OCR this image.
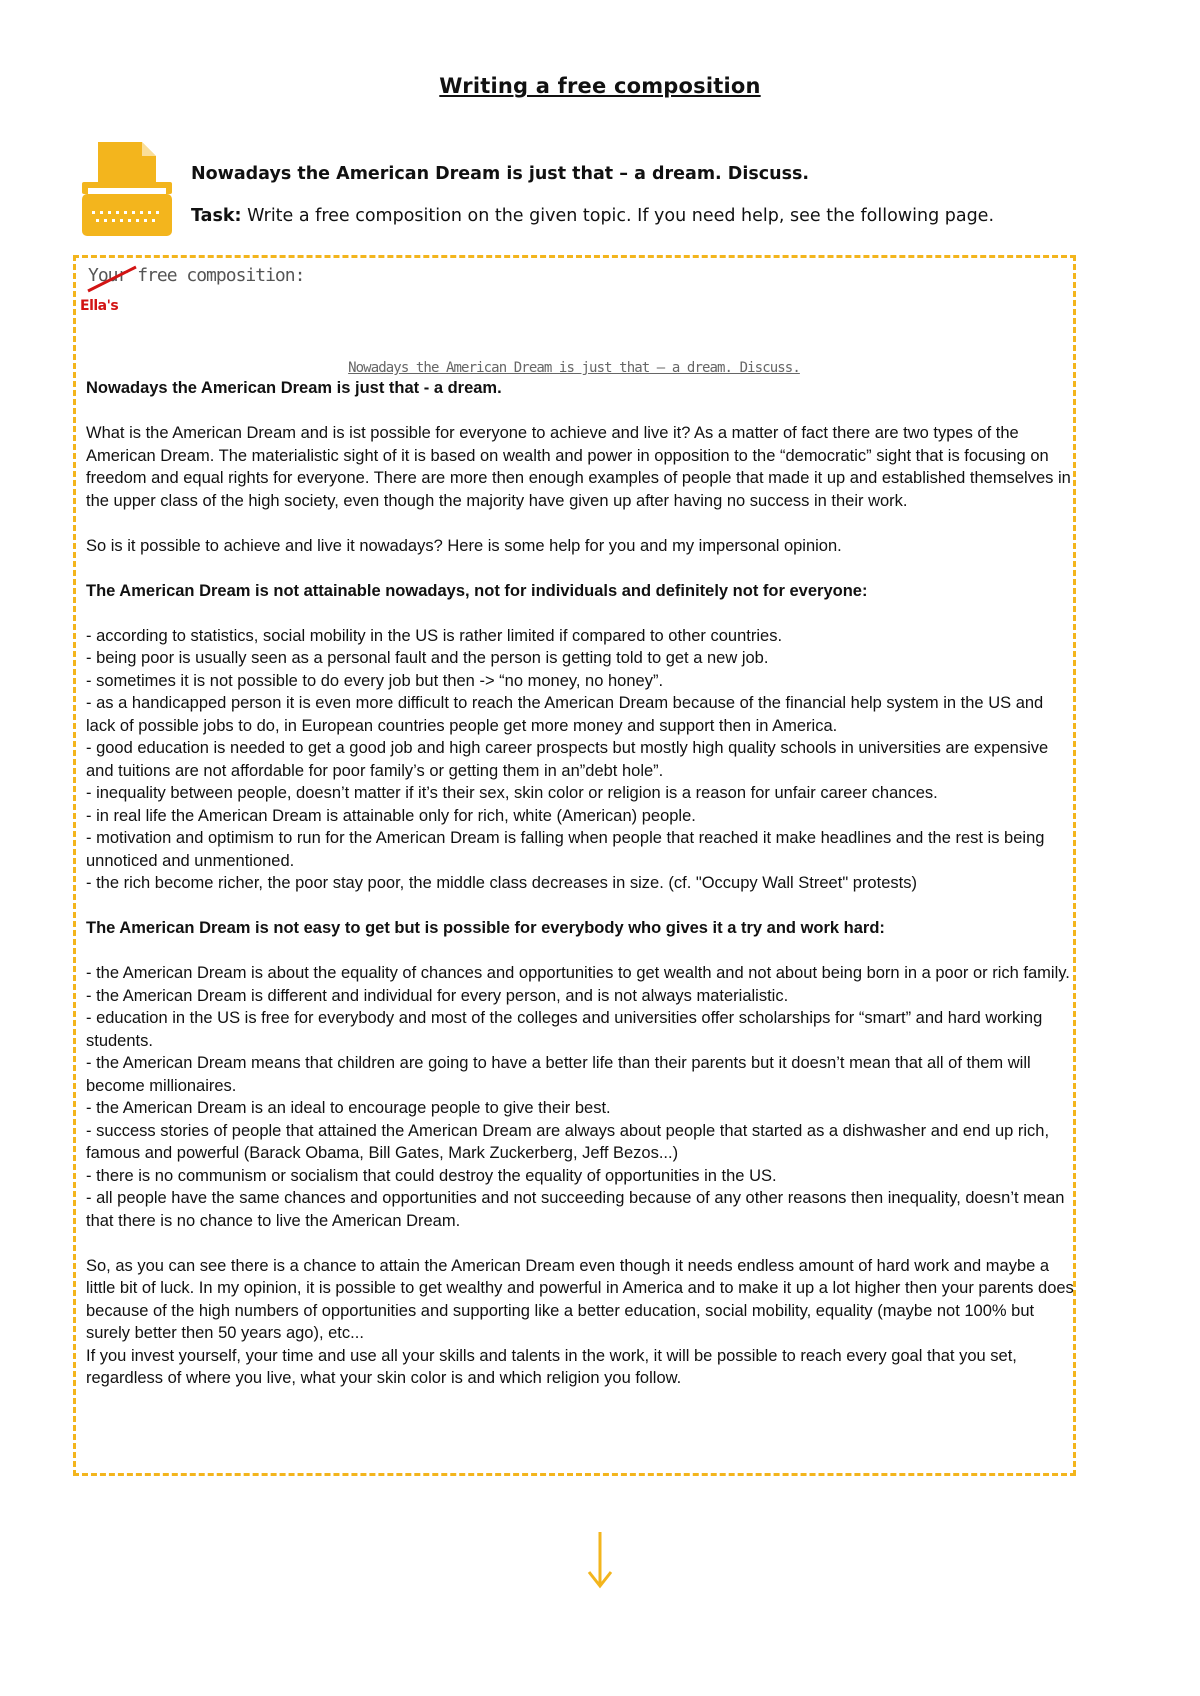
Writing a free composition

Nowadays the American Dream is just that – a dream. Discuss.

Task: Write a free composition on the given topic. If you need help, see the following page.

Your
free composition:
Ella's

Nowadays the American Dream is just that – a dream. Discuss.

Nowadays the American Dream is just that - a dream.

What is the American Dream and is ist possible for everyone to achieve and live it? As a matter of fact there are two types of the American Dream. The materialistic sight of it is based on wealth and power in opposition to the “democratic” sight that is focusing on freedom and equal rights for everyone. There are more then enough examples of people that made it up and established themselves in the upper class of the high society, even though the majority have given up after having no success in their work.

So is it possible to achieve and live it nowadays? Here is some help for you and my impersonal opinion.

The American Dream is not attainable nowadays, not for individuals and definitely not for everyone:

- according to statistics, social mobility in the US is rather limited if compared to other countries.
- being poor is usually seen as a personal fault and the person is getting told to get a new job.
- sometimes it is not possible to do every job but then -> “no money, no honey”.
- as a handicapped person it is even more difficult to reach the American Dream because of the financial help system in the US and lack of possible jobs to do, in European countries people get more money and support then in America.
- good education is needed to get a good job and high career prospects but mostly high quality schools in universities are expensive and tuitions are not affordable for poor family’s or getting them in an”debt hole”.
- inequality between people, doesn’t matter if it’s their sex, skin color or religion is a reason for unfair career chances.
- in real life the American Dream is attainable only for rich, white (American) people.
- motivation and optimism to run for the American Dream is falling when people that reached it make headlines and the rest is being unnoticed and unmentioned.
- the rich become richer, the poor stay poor, the middle class decreases in size. (cf. "Occupy Wall Street" protests)

The American Dream is not easy to get but is possible for everybody who gives it a try and work hard:

- the American Dream is about the equality of chances and opportunities to get wealth and not about being born in a poor or rich family.
- the American Dream is different and individual for every person, and is not always materialistic.
- education in the US is free for everybody and most of the colleges and universities offer scholarships for “smart” and hard working students.
- the American Dream means that children are going to have a better life than their parents but it doesn’t mean that all of them will become millionaires.
- the American Dream is an ideal to encourage people to give their best.
- success stories of people that attained the American Dream are always about people that started as a dishwasher and end up rich, famous and powerful (Barack Obama, Bill Gates, Mark Zuckerberg, Jeff Bezos...)
- there is no communism or socialism that could destroy the equality of opportunities in the US.
- all people have the same chances and opportunities and not succeeding because of any other reasons then inequality, doesn’t mean that there is no chance to live the American Dream.

So, as you can see there is a chance to attain the American Dream even though it needs endless amount of hard work and maybe a little bit of luck. In my opinion, it is possible to get wealthy and powerful in America and to make it up a lot higher then your parents does because of the high numbers of opportunities and supporting like a better education, social mobility, equality (maybe not 100% but surely better then 50 years ago), etc...

If you invest yourself, your time and use all your skills and talents in the work, it will be possible to reach every goal that you set, regardless of where you live, what your skin color is and which religion you follow.
